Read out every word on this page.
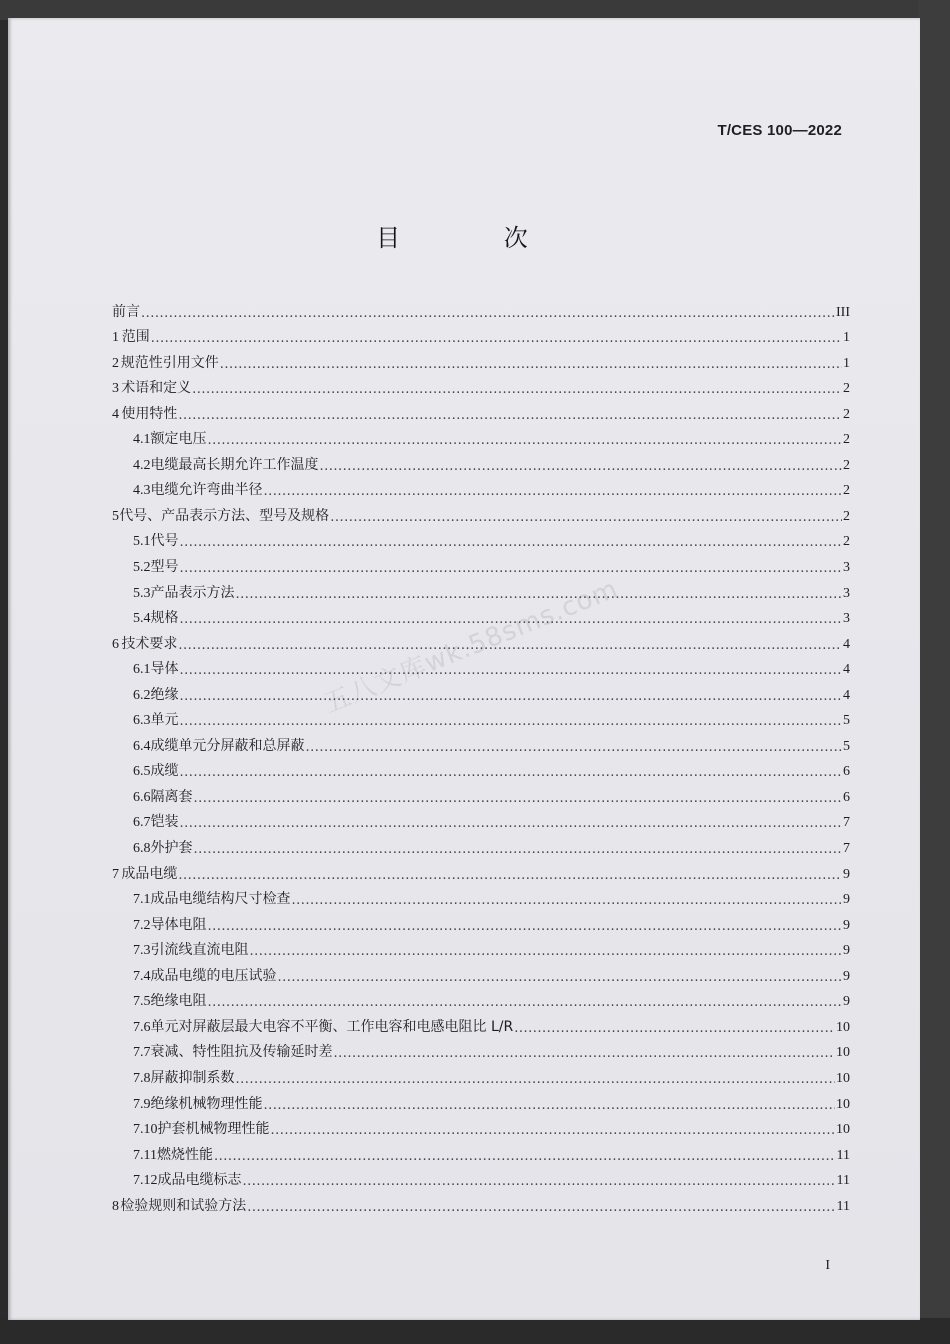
T/CES 100—2022
目 次
五八文库wk.58sms.com
前言 .....	III
1 范围 .....	1
2 规范性引用文件 .....	1
3 术语和定义 .....	2
4 使用特性 .....	2
4.1 额定电压 .....	2
4.2 电缆最高长期允许工作温度 .....	2
4.3 电缆允许弯曲半径 .....	2
5 代号、产品表示方法、型号及规格 .....	2
5.1 代号 .....	2
5.2 型号 .....	3
5.3 产品表示方法 .....	3
5.4 规格 .....	3
6 技术要求 .....	4
6.1 导体 .....	4
6.2 绝缘 .....	4
6.3 单元 .....	5
6.4 成缆单元分屏蔽和总屏蔽 .....	5
6.5 成缆 .....	6
6.6 隔离套 .....	6
6.7 铠装 .....	7
6.8 外护套 .....	7
7 成品电缆 .....	9
7.1 成品电缆结构尺寸检查 .....	9
7.2 导体电阻 .....	9
7.3 引流线直流电阻 .....	9
7.4 成品电缆的电压试验 .....	9
7.5 绝缘电阻 .....	9
7.6 单元对屏蔽层最大电容不平衡、工作电容和电感电阻比 L/R .....	10
7.7 衰减、特性阻抗及传输延时差 .....	10
7.8 屏蔽抑制系数 .....	10
7.9 绝缘机械物理性能 .....	10
7.10 护套机械物理性能 .....	10
7.11 燃烧性能 .....	11
7.12 成品电缆标志 .....	11
8 检验规则和试验方法 .....	11
I
